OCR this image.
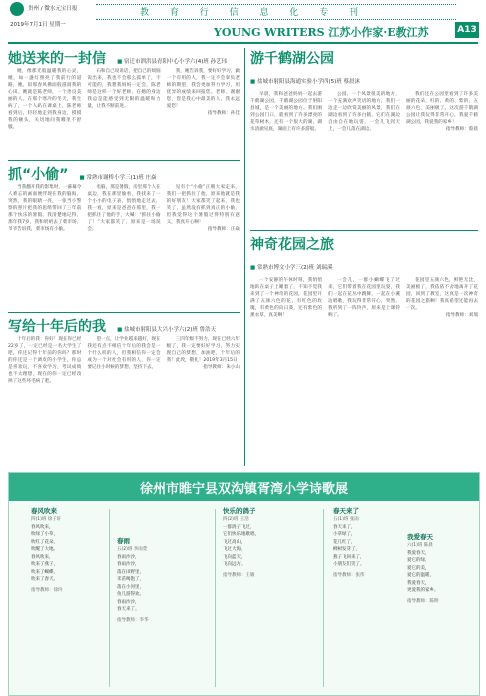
贵州 / 微水元宝日报
2019年7月1日 星期一
教 育 行 信 息 化 专 刊
YOUNG WRITERS 江苏小作家·E教江苏	A13
她送来的一封信	■ 宿迁市泗洪县青阳中心小学六(4)班 孙艺玮

她，像那光般温暖我的心灵，她，如一盏灯照亮了我前行的道路，她，似那春风拂面般滋润我的心田。她就是陈老师，一个善良美丽的人。在那个寒冷的冬天，我生病了，一个人趴在课桌上，陈老师看到后，轻轻地走到我身边，摸摸我的额头，关切地问我哪里不舒服。

石和自己说说话，把自己的烦恼说出来，我也不会那么孤单了，不可能的，我想我妈妈一定会，陈老师是这样一个好老师，在她的身边我总是能感受到无限的温暖和力量，让我不断前进。

我，她告诉我，要好好学习，做一个有用的人，我一定不会辜负老师的期望，我会更加努力学习，用优异的成绩来回报您。老师，谢谢您，您是我心中最美的人，我永远爱您！

指导教师：孙佳
抓“小偷”	■ 常熟市谢桥小学三(1)班 庄焱

当我翻开我的影集时，一幕幕令人难忘的画面便浮现在我的脑海，突然，我的眼睛一亮，一张当小警察的照片把我的思绪带回了三年前那个快乐的暑假。我清楚地记得，那年我7岁，我和奶奶去了菜市场，爷爷告诉我，菜市场有小偷。

电脑，那是暑假，房里那个人在桌边，我在那里偷看，我找来了一个小小的电子表，悄悄地走过去，我一看，原来是爸爸在那里，我一把抓住了他的手，大喊：“抓住小偷了！”大家都笑了，原来是一场误会。

见有个“小偷”正朝大家走来，我们一把抓住了他，原来他就是我的好朋友！大家都笑了起来，我也笑了，虽然没有抓到真正的小偷，但我觉得这个暑假过得特别有意义，我真开心啊！

指导教师：庄焱
写给十年后的我	■ 盐城市射阳县大兴小学六(2)班 鲁浩天

十年后的我：你好！现在你已经22岁了，一定已经是一名大学生了吧，你还记得十年前的你吗？那时的你还是一个调皮的小学生，你总是喜欢玩，不喜欢学习，考试成绩也不太理想，现在的你一定已经改掉了这些坏毛病了吧。

望一点，让学业越来越好，现在我还有点不相信十年后的我会是一个什么样的人，但我相信你一定会成为一个对社会有用的人，你一定要记住小时候的梦想，坚持下去。

三四年级不努力，现在已经六年级了，我一定要好好学习，努力实现自己的梦想，加油吧，十年后的我！此致，敬礼！2019年3月15日

指导教师：朱小山
游千鹤湖公园
■ 盐城市射阳县海通实验小学四(5)班 蔡晨沐

早晨，我和爸爸妈妈一起去游千鹤湖公园，千鹤湖公园位于射阳县城，是一个美丽的地方。我们刚到公园门口，就看到了许多漂亮的花草树木，还有一个很大的湖，湖水清澈见底，湖面上有许多游船。

公园，一个风景很美的地方，一个充满欢声笑语的地方，我们一边走一边欣赏美丽的风景，我们在湖边看到了许多白鹤，它们在湖边自由自在地玩耍，一会儿飞到天上，一会儿落在湖边。

我们还在公园里看到了许多美丽的花朵，红的、黄的、紫的，五颜六色，美丽极了。这次游千鹤湖公园让我玩得非常开心，我爱千鹤湖公园，我爱我的家乡！

指导教师：蔡晨
神奇花园之旅
■ 常熟市博文小学三(2)班 刘瑞溪

一个安静的午休时刻，我悄悄地趴在桌子上睡着了，不知不觉我来到了一个神奇的花园，花园里开满了五颜六色的花，有红色的玫瑰，有黄色的向日葵，还有紫色的薰衣草，真美啊！

一会儿，一群小蝴蝶飞了过来，它们带着我在花园里玩耍，我们一起在花丛中跳舞，一起在小溪边唱歌，我玩得非常开心，突然，我听到了一阵铃声，原来是上课铃响了。

花园里五颜六色，鲜艳无比，美丽极了，我依依不舍地离开了花园，回到了教室，这真是一次神奇的花园之旅啊！我真希望还能再去一次。

指导教师：刘瑞
徐州市睢宁县双沟镇胥湾小学诗歌展
春风吹来
四(1)班 徐子轩
春风吹来，
吹绿了小草，
吹红了花朵，
吹醒了大地。
春风吹来，
吹来了燕子，
吹来了蝴蝶，
吹来了春天。
指导教师：徐玲
春雨
五(2)班 李雨萱
春雨沙沙，
春雨沙沙，
落在田野里，
禾苗喝饱了，
落在小河里，
鱼儿游得欢。
春雨沙沙，
春天来了。
指导教师：李华
快乐的鸽子
四(2)班 王浩
一群鸽子飞过，
它们快乐地歌唱，
飞过高山，
飞过大海，
飞向蓝天，
飞向远方。
指导教师：王敏
春天来了
五(1)班 张雨
春天来了，
小草绿了，
花儿红了，
柳树发芽了，
燕子飞回来了，
小朋友们笑了。
指导教师：张伟
我爱春天
六(1)班 陈晨
我爱春天，
爱它的绿，
爱它的美，
爱它的温暖，
我爱春天，
更爱我的家乡。
指导教师：陈明
